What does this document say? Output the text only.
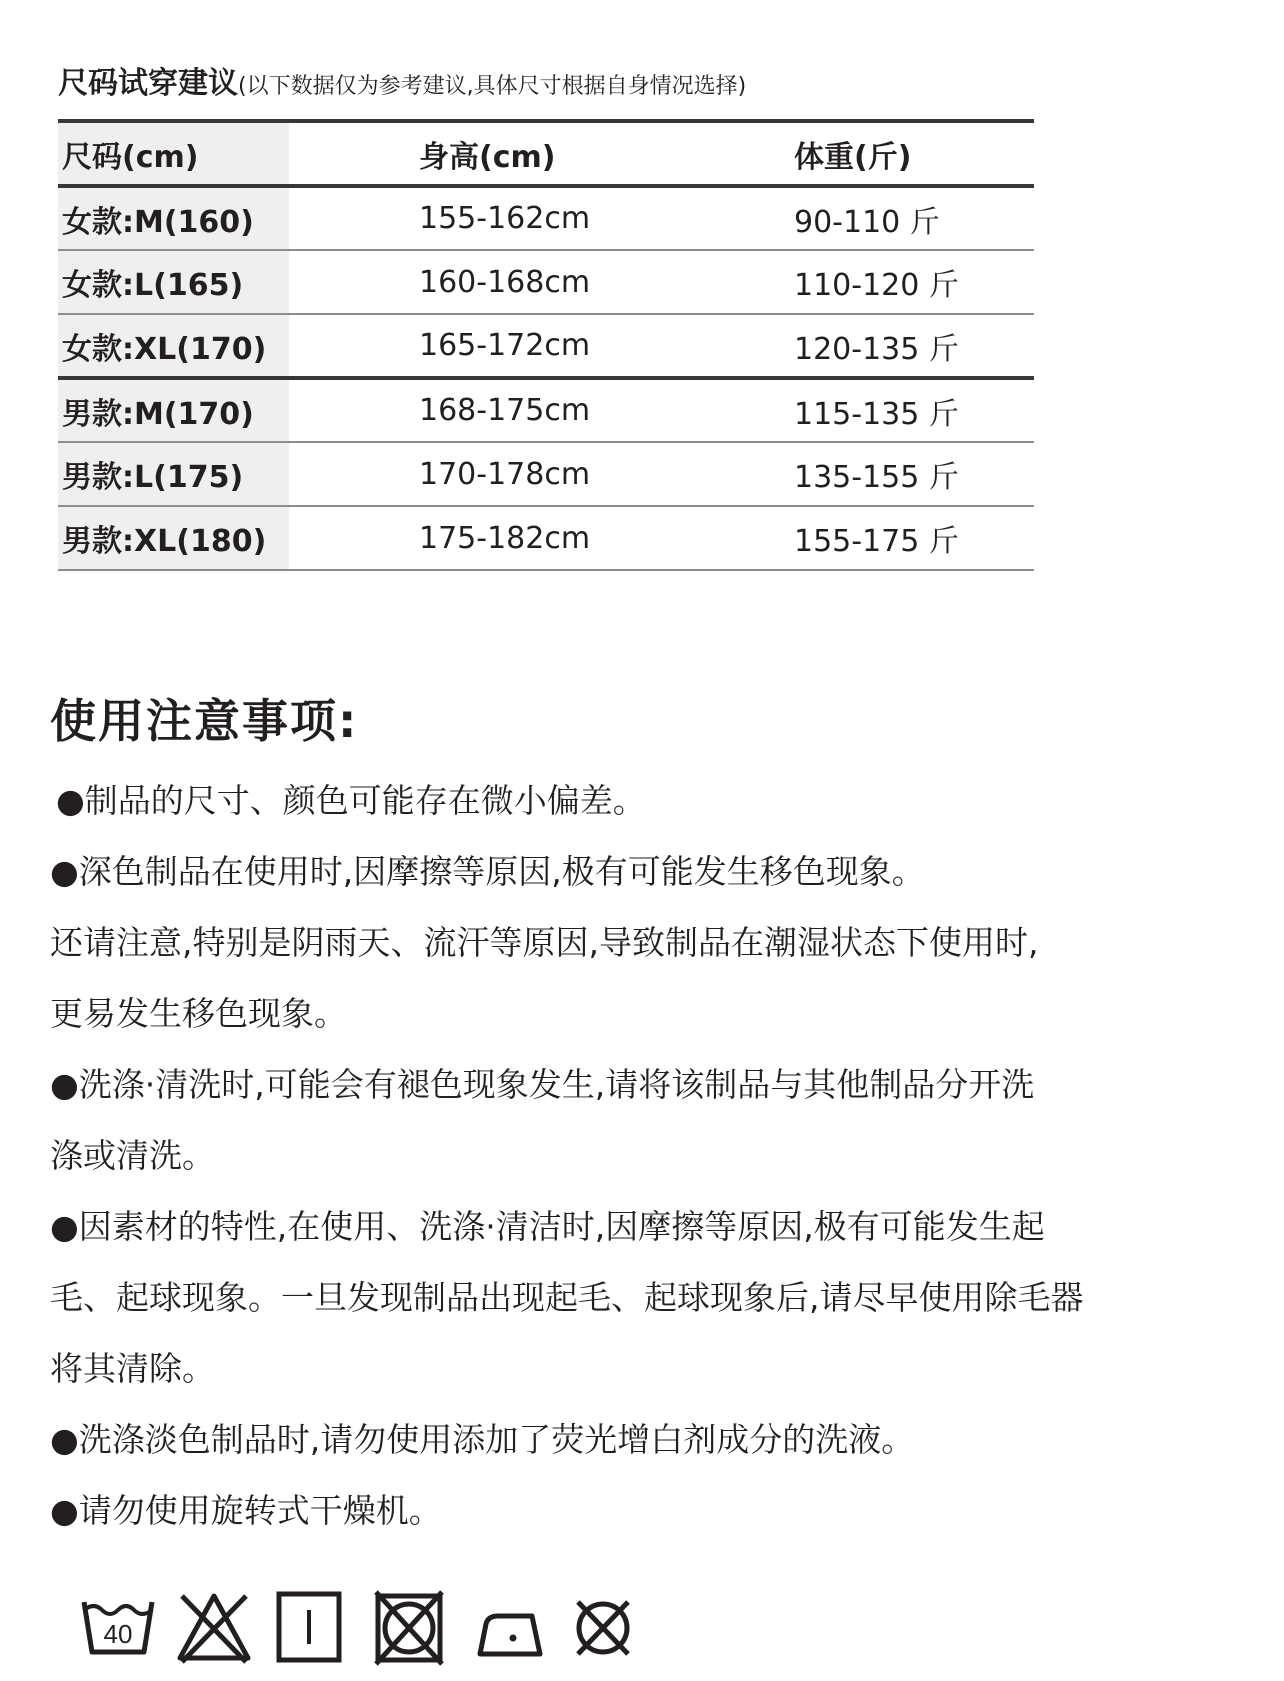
尺码试穿建议(以下数据仅为参考建议,具体尺寸根据自身情况选择)
尺码(cm)	身高(cm)	体重(斤)
女款:M(160)	155-162cm	90-110 斤
女款:L(165)	160-168cm	110-120 斤
女款:XL(170)	165-172cm	120-135 斤
男款:M(170)	168-175cm	115-135 斤
男款:L(175)	170-178cm	135-155 斤
男款:XL(180)	175-182cm	155-175 斤
使用注意事项:

●制品的尺寸、颜色可能存在微小偏差。

●深色制品在使用时,因摩擦等原因,极有可能发生移色现象。

还请注意,特别是阴雨天、流汗等原因,导致制品在潮湿状态下使用时,

更易发生移色现象。

●洗涤·清洗时,可能会有褪色现象发生,请将该制品与其他制品分开洗

涤或清洗。

●因素材的特性,在使用、洗涤·清洁时,因摩擦等原因,极有可能发生起

毛、起球现象。一旦发现制品出现起毛、起球现象后,请尽早使用除毛器

将其清除。

●洗涤淡色制品时,请勿使用添加了荧光增白剂成分的洗液。

●请勿使用旋转式干燥机。

40
